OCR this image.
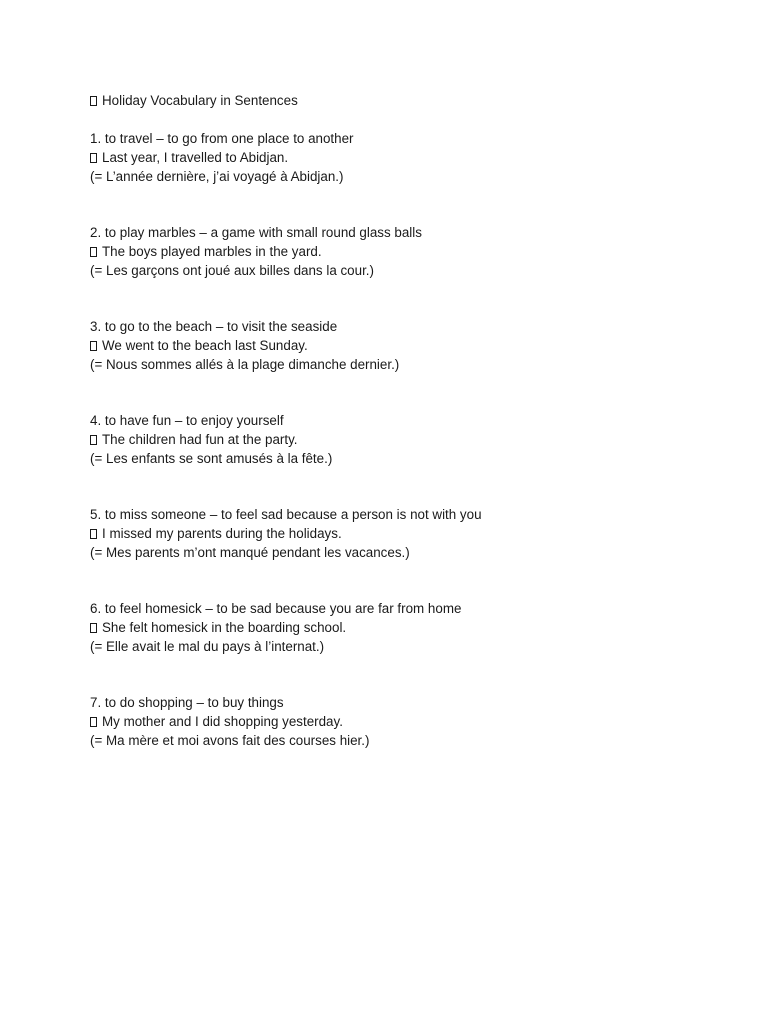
Holiday Vocabulary in Sentences
1. to travel – to go from one place to another
Last year, I travelled to Abidjan.
(= L’année dernière, j’ai voyagé à Abidjan.)
2. to play marbles – a game with small round glass balls
The boys played marbles in the yard.
(= Les garçons ont joué aux billes dans la cour.)
3. to go to the beach – to visit the seaside
We went to the beach last Sunday.
(= Nous sommes allés à la plage dimanche dernier.)
4. to have fun – to enjoy yourself
The children had fun at the party.
(= Les enfants se sont amusés à la fête.)
5. to miss someone – to feel sad because a person is not with you
I missed my parents during the holidays.
(= Mes parents m’ont manqué pendant les vacances.)
6. to feel homesick – to be sad because you are far from home
She felt homesick in the boarding school.
(= Elle avait le mal du pays à l’internat.)
7. to do shopping – to buy things
My mother and I did shopping yesterday.
(= Ma mère et moi avons fait des courses hier.)
